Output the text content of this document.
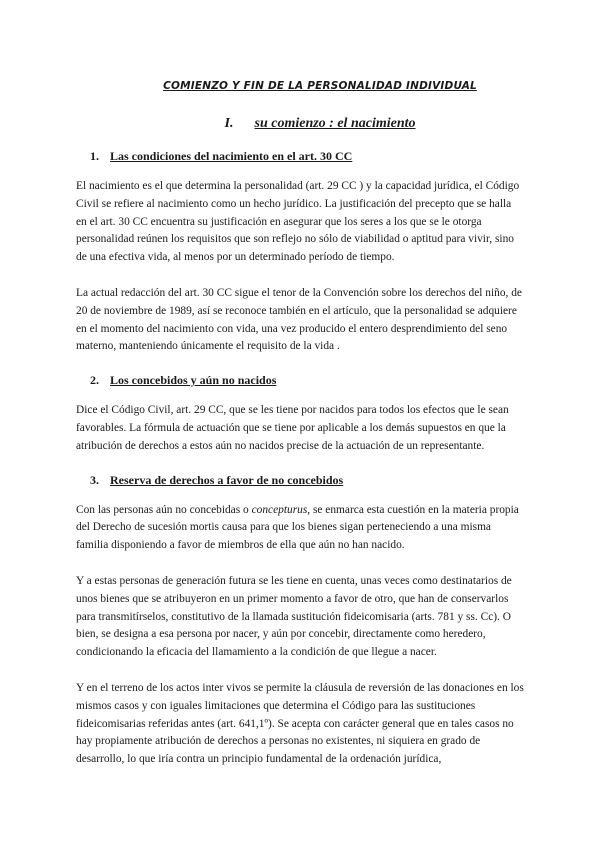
COMIENZO Y FIN DE LA PERSONALIDAD INDIVIDUAL
I. su comienzo : el nacimiento
1. Las condiciones del nacimiento en el art. 30 CC

El nacimiento es el que determina la personalidad (art. 29 CC ) y la capacidad jurídica, el Código Civil se refiere al nacimiento como un hecho jurídico. La justificación del precepto que se halla en el art. 30 CC encuentra su justificación en asegurar que los seres a los que se le otorga personalidad reúnen los requisitos que son reflejo no sólo de viabilidad o aptitud para vivir, sino de una efectiva vida, al menos por un determinado período de tiempo.

La actual redacción del art. 30 CC sigue el tenor de la Convención sobre los derechos del niño, de 20 de noviembre de 1989, así se reconoce también en el artículo, que la personalidad se adquiere en el momento del nacimiento con vida, una vez producido el entero desprendimiento del seno materno, manteniendo únicamente el requisito de la vida .

2. Los concebidos y aún no nacidos

Dice el Código Civil, art. 29 CC, que se les tiene por nacidos para todos los efectos que le sean favorables. La fórmula de actuación que se tiene por aplicable a los demás supuestos en que la atribución de derechos a estos aún no nacidos precise de la actuación de un representante.

3. Reserva de derechos a favor de no concebidos

Con las personas aún no concebidas o concepturus, se enmarca esta cuestión en la materia propia del Derecho de sucesión mortis causa para que los bienes sigan perteneciendo a una misma familia disponiendo a favor de miembros de ella que aún no han nacido.

Y a estas personas de generación futura se les tiene en cuenta, unas veces como destinatarios de unos bienes que se atribuyeron en un primer momento a favor de otro, que han de conservarlos para transmitírselos, constitutivo de la llamada sustitución fideicomisaria (arts. 781 y ss. Cc). O bien, se designa a esa persona por nacer, y aún por concebir, directamente como heredero, condicionando la eficacia del llamamiento a la condición de que llegue a nacer.

Y en el terreno de los actos inter vivos se permite la cláusula de reversión de las donaciones en los mismos casos y con iguales limitaciones que determina el Código para las sustituciones fideicomisarias referidas antes (art. 641,1º). Se acepta con carácter general que en tales casos no hay propiamente atribución de derechos a personas no existentes, ni siquiera en grado de desarrollo, lo que iría contra un principio fundamental de la ordenación jurídica,
